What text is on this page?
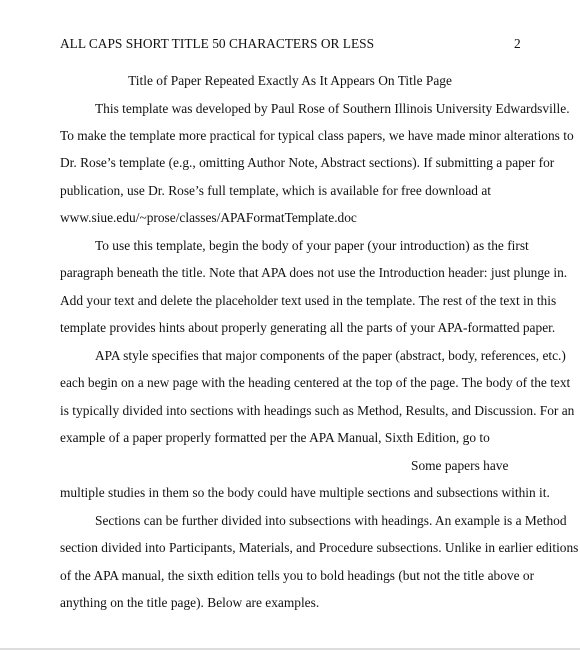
ALL CAPS SHORT TITLE 50 CHARACTERS OR LESS	2
Title of Paper Repeated Exactly As It Appears On Title Page
This template was developed by Paul Rose of Southern Illinois University Edwardsville.
To make the template more practical for typical class papers, we have made minor alterations to
Dr. Rose’s template (e.g., omitting Author Note, Abstract sections). If submitting a paper for
publication, use Dr. Rose’s full template, which is available for free download at
www.siue.edu/~prose/classes/APAFormatTemplate.doc
To use this template, begin the body of your paper (your introduction) as the first
paragraph beneath the title. Note that APA does not use the Introduction header: just plunge in.
Add your text and delete the placeholder text used in the template. The rest of the text in this
template provides hints about properly generating all the parts of your APA-formatted paper.
APA style specifies that major components of the paper (abstract, body, references, etc.)
each begin on a new page with the heading centered at the top of the page. The body of the text
is typically divided into sections with headings such as Method, Results, and Discussion. For an
example of a paper properly formatted per the APA Manual, Sixth Edition, go to
Some papers have
multiple studies in them so the body could have multiple sections and subsections within it.
Sections can be further divided into subsections with headings. An example is a Method
section divided into Participants, Materials, and Procedure subsections. Unlike in earlier editions
of the APA manual, the sixth edition tells you to bold headings (but not the title above or
anything on the title page). Below are examples.
